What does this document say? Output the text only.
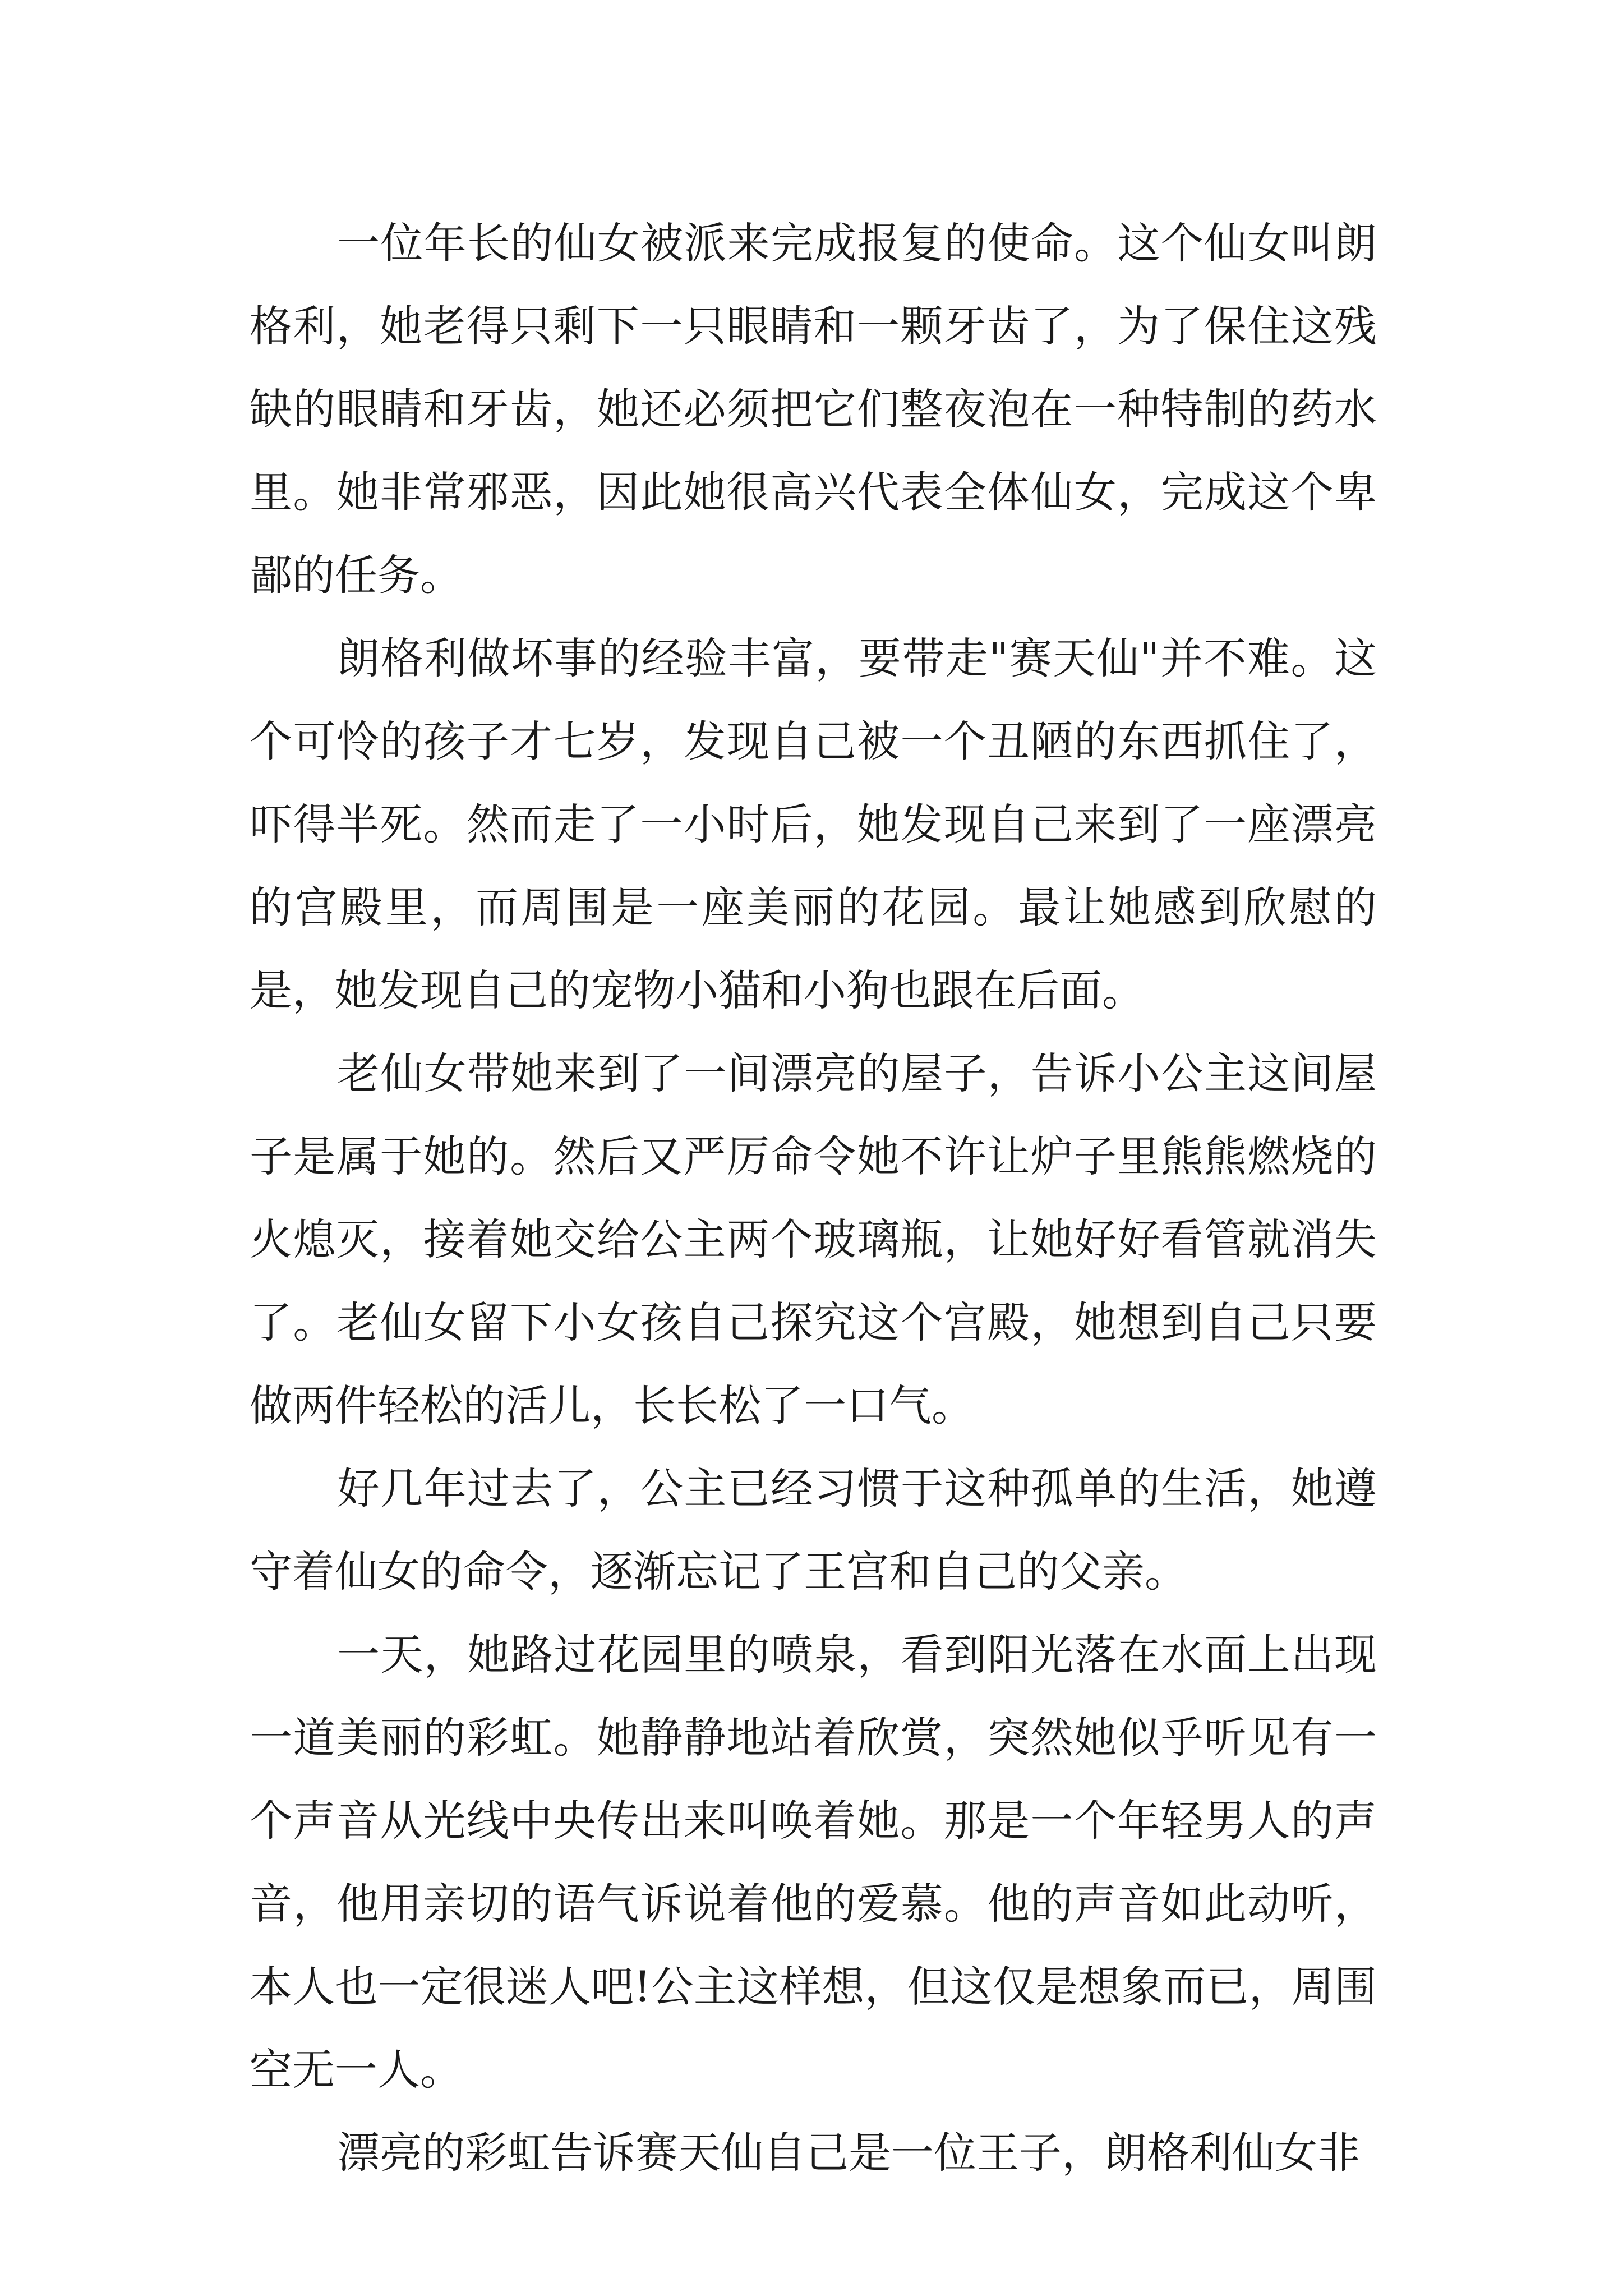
一位年长的仙女被派来完成报复的使命。这个仙女叫朗格利，她老得只剩下一只眼睛和一颗牙齿了，为了保住这残缺的眼睛和牙齿，她还必须把它们整夜泡在一种特制的药水里。她非常邪恶，因此她很高兴代表全体仙女，完成这个卑鄙的任务。

朗格利做坏事的经验丰富，要带走"赛天仙"并不难。这个可怜的孩子才七岁，发现自己被一个丑陋的东西抓住了，吓得半死。然而走了一小时后，她发现自己来到了一座漂亮的宫殿里，而周围是一座美丽的花园。最让她感到欣慰的是，她发现自己的宠物小猫和小狗也跟在后面。

老仙女带她来到了一间漂亮的屋子，告诉小公主这间屋子是属于她的。然后又严厉命令她不许让炉子里熊熊燃烧的火熄灭，接着她交给公主两个玻璃瓶，让她好好看管就消失了。老仙女留下小女孩自己探究这个宫殿，她想到自己只要做两件轻松的活儿，长长松了一口气。

好几年过去了，公主已经习惯于这种孤单的生活，她遵守着仙女的命令，逐渐忘记了王宫和自己的父亲。

一天，她路过花园里的喷泉，看到阳光落在水面上出现一道美丽的彩虹。她静静地站着欣赏，突然她似乎听见有一个声音从光线中央传出来叫唤着她。那是一个年轻男人的声音，他用亲切的语气诉说着他的爱慕。他的声音如此动听，本人也一定很迷人吧!公主这样想，但这仅是想象而已，周围空无一人。

漂亮的彩虹告诉赛天仙自己是一位王子，朗格利仙女非
